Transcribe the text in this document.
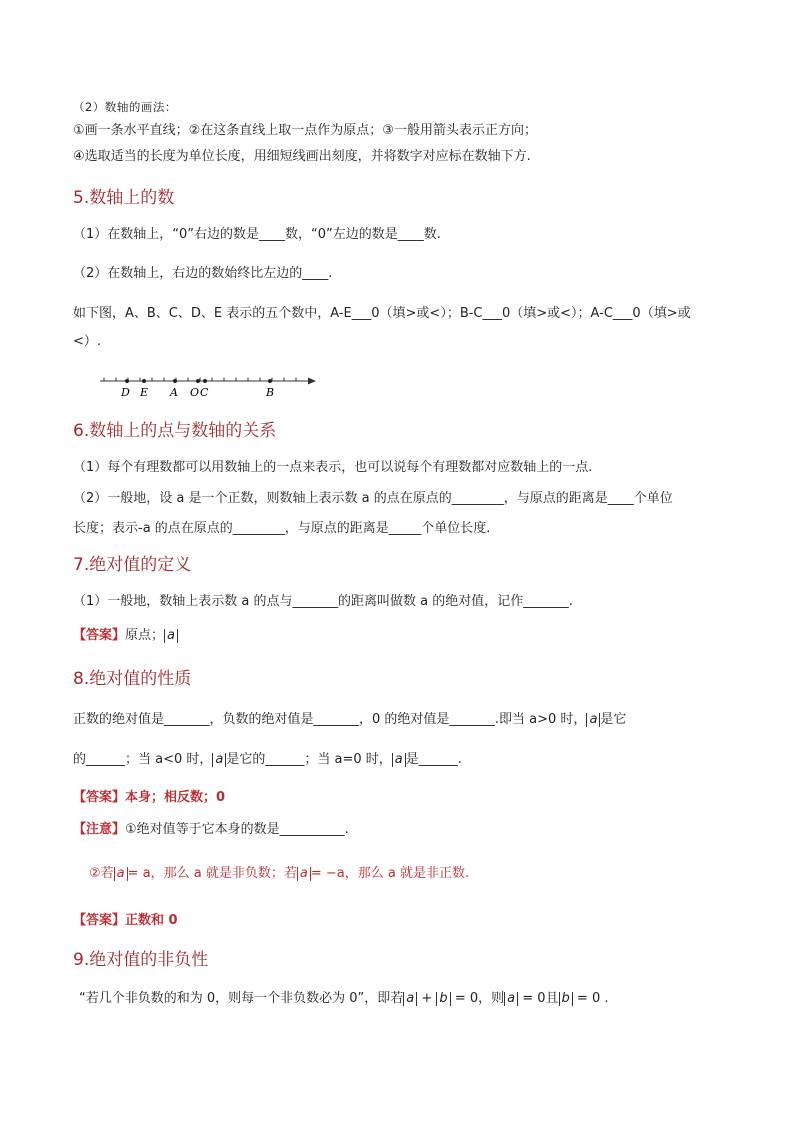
（2）数轴的画法：
①画一条水平直线；②在这条直线上取一点作为原点；③一般用箭头表示正方向；
④选取适当的长度为单位长度，用细短线画出刻度，并将数字对应标在数轴下方.
5.数轴上的数
（1）在数轴上，“0”右边的数是____数，“0”左边的数是____数.
（2）在数轴上，右边的数始终比左边的____.
如下图，A、B、C、D、E 表示的五个数中，A-E___0（填>或<）；B-C___0（填>或<）；A-C___0（填>或
<）.
D E A O C	B
6.数轴上的点与数轴的关系
（1）每个有理数都可以用数轴上的一点来表示，也可以说每个有理数都对应数轴上的一点.
（2）一般地，设 a 是一个正数，则数轴上表示数 a 的点在原点的________，与原点的距离是____个单位
长度；表示-a 的点在原点的________，与原点的距离是_____个单位长度.
7.绝对值的定义
（1）一般地，数轴上表示数 a 的点与_______的距离叫做数 a 的绝对值，记作_______.
【答案】原点； a
8.绝对值的性质
正数的绝对值是_______，负数的绝对值是_______，0 的绝对值是_______.即当 a>0 时， a 是它
的______；当 a<0 时， a 是它的______；当 a=0 时， a 是______.
【答案】本身；相反数；0
【注意】①绝对值等于它本身的数是__________.
②若 a = a，那么 a 就是非负数；若 a = −a，那么 a 就是非正数.
【答案】正数和 0
9.绝对值的非负性
“若几个非负数的和为 0，则每一个非负数必为 0”，即若 a + b = 0，则 a = 0且 b = 0 .
